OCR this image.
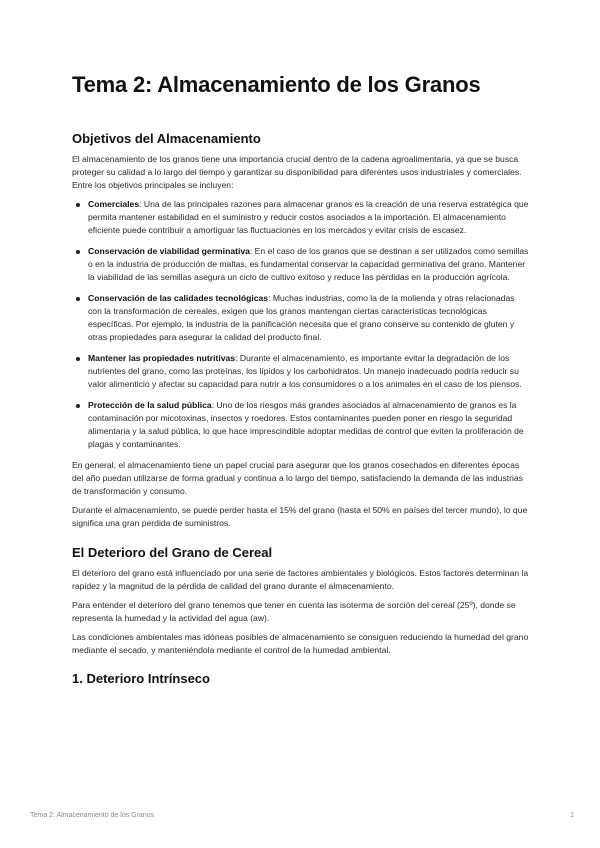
Tema 2: Almacenamiento de los Granos
Objetivos del Almacenamiento

El almacenamiento de los granos tiene una importancia crucial dentro de la cadena agroalimentaria, ya que se busca proteger su calidad a lo largo del tiempo y garantizar su disponibilidad para diferentes usos industriales y comerciales. Entre los objetivos principales se incluyen:

Comerciales: Una de las principales razones para almacenar granos es la creación de una reserva estratégica que permita mantener estabilidad en el suministro y reducir costos asociados a la importación. El almacenamiento eficiente puede contribuir a amortiguar las fluctuaciones en los mercados y evitar crisis de escasez.
Conservación de viabilidad germinativa: En el caso de los granos que se destinan a ser utilizados como semillas o en la industria de producción de maltas, es fundamental conservar la capacidad germinativa del grano. Mantener la viabilidad de las semillas asegura un ciclo de cultivo exitoso y reduce las pérdidas en la producción agrícola.
Conservación de las calidades tecnológicas: Muchas industrias, como la de la molienda y otras relacionadas con la transformación de cereales, exigen que los granos mantengan ciertas características tecnológicas específicas. Por ejemplo, la industria de la panificación necesita que el grano conserve su contenido de gluten y otras propiedades para asegurar la calidad del producto final.
Mantener las propiedades nutritivas: Durante el almacenamiento, es importante evitar la degradación de los nutrientes del grano, como las proteínas, los lípidos y los carbohidratos. Un manejo inadecuado podría reducir su valor alimenticio y afectar su capacidad para nutrir a los consumidores o a los animales en el caso de los piensos.
Protección de la salud pública: Uno de los riesgos más grandes asociados al almacenamiento de granos es la contaminación por micotoxinas, insectos y roedores. Estos contaminantes pueden poner en riesgo la seguridad alimentaria y la salud pública, lo que hace imprescindible adoptar medidas de control que eviten la proliferación de plagas y contaminantes.

En general, el almacenamiento tiene un papel crucial para asegurar que los granos cosechados en diferentes épocas del año puedan utilizarse de forma gradual y continua a lo largo del tiempo, satisfaciendo la demanda de las industrias de transformación y consumo.

Durante el almacenamiento, se puede perder hasta el 15% del grano (hasta el 50% en países del tercer mundo), lo que significa una gran perdida de suministros.

El Deterioro del Grano de Cereal

El deterioro del grano está influenciado por una serie de factores ambientales y biológicos. Estos factores determinan la rapidez y la magnitud de la pérdida de calidad del grano durante el almacenamiento.

Para entender el deterioro del grano tenemos que tener en cuenta las isoterma de sorción del cereal (25º), donde se representa la humedad y la actividad del agua (aw).

Las condiciones ambientales mas idóneas posibles de almacenamiento se consiguen reduciendo la humedad del grano mediante el secado, y manteniéndola mediante el control de la humedad ambiental.

1. Deterioro Intrínseco
Tema 2: Almacenamiento de los Granos	1
